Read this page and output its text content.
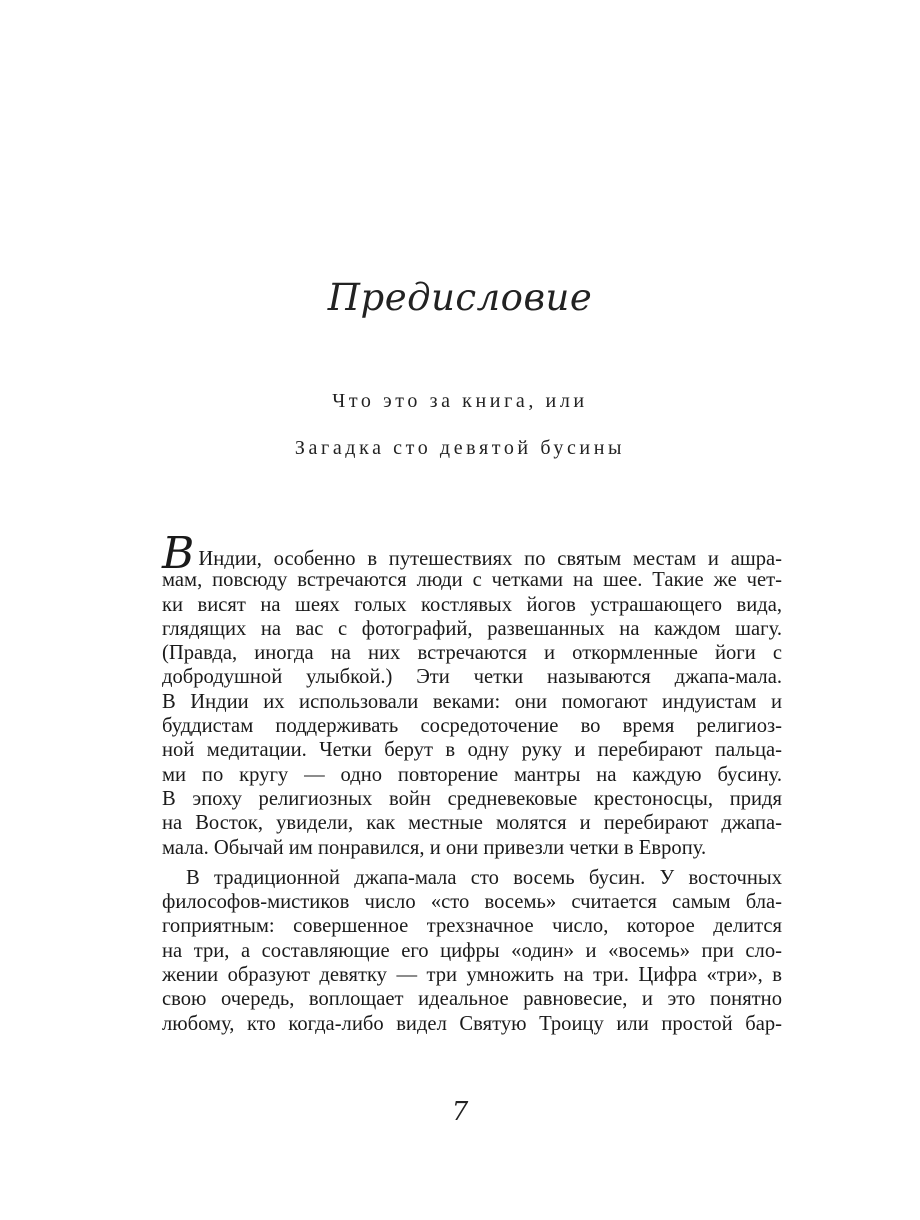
Предисловие
Что это за книга, или
Загадка сто девятой бусины
В Индии, особенно в путешествиях по святым местам и ашра-
мам, повсюду встречаются люди с четками на шее. Такие же чет-
ки висят на шеях голых костлявых йогов устрашающего вида,
глядящих на вас с фотографий, развешанных на каждом шагу.
(Правда, иногда на них встречаются и откормленные йоги с
добродушной улыбкой.) Эти четки называются джапа-мала.
В Индии их использовали веками: они помогают индуистам и
буддистам поддерживать сосредоточение во время религиоз-
ной медитации. Четки берут в одну руку и перебирают пальца-
ми по кругу — одно повторение мантры на каждую бусину.
В эпоху религиозных войн средневековые крестоносцы, придя
на Восток, увидели, как местные молятся и перебирают джапа-
мала. Обычай им понравился, и они привезли четки в Европу.
В традиционной джапа-мала сто восемь бусин. У восточных
философов-мистиков число «сто восемь» считается самым бла-
гоприятным: совершенное трехзначное число, которое делится
на три, а составляющие его цифры «один» и «восемь» при сло-
жении образуют девятку — три умножить на три. Цифра «три», в
свою очередь, воплощает идеальное равновесие, и это понятно
любому, кто когда-либо видел Святую Троицу или простой бар-
7
